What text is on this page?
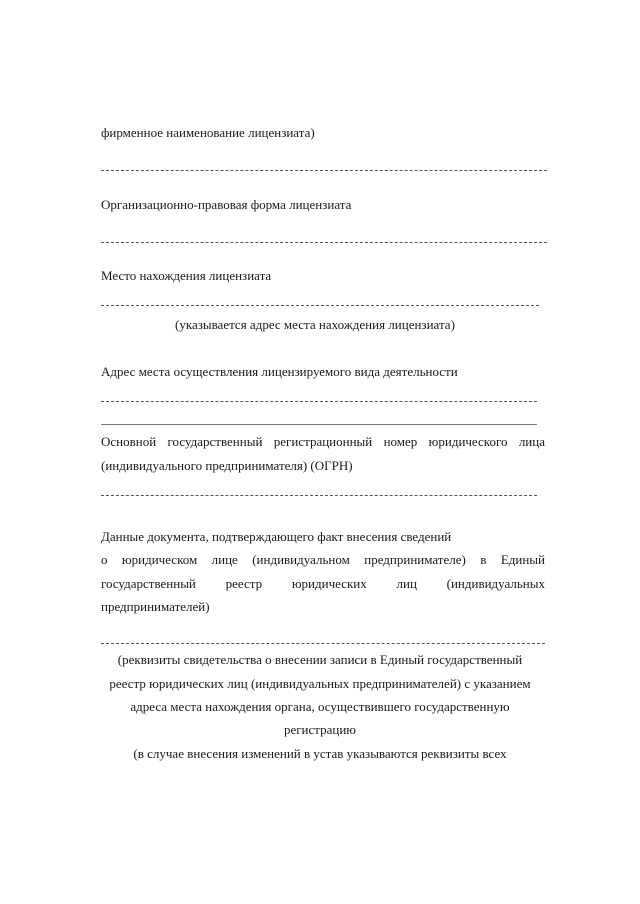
фирменное наименование лицензиата)
Организационно-правовая форма лицензиата
Место нахождения лицензиата
(указывается адрес места нахождения лицензиата)
Адрес места осуществления лицензируемого вида деятельности
Основной государственный регистрационный номер юридического лица
(индивидуального предпринимателя) (ОГРН)
Данные документа, подтверждающего факт внесения сведений
о юридическом лице (индивидуальном предпринимателе) в Единый
государственный реестр юридических лиц (индивидуальных
предпринимателей)
(реквизиты свидетельства о внесении записи в Единый государственный
реестр юридических лиц (индивидуальных предпринимателей) с указанием
адреса места нахождения органа, осуществившего государственную
регистрацию
(в случае внесения изменений в устав указываются реквизиты всех
